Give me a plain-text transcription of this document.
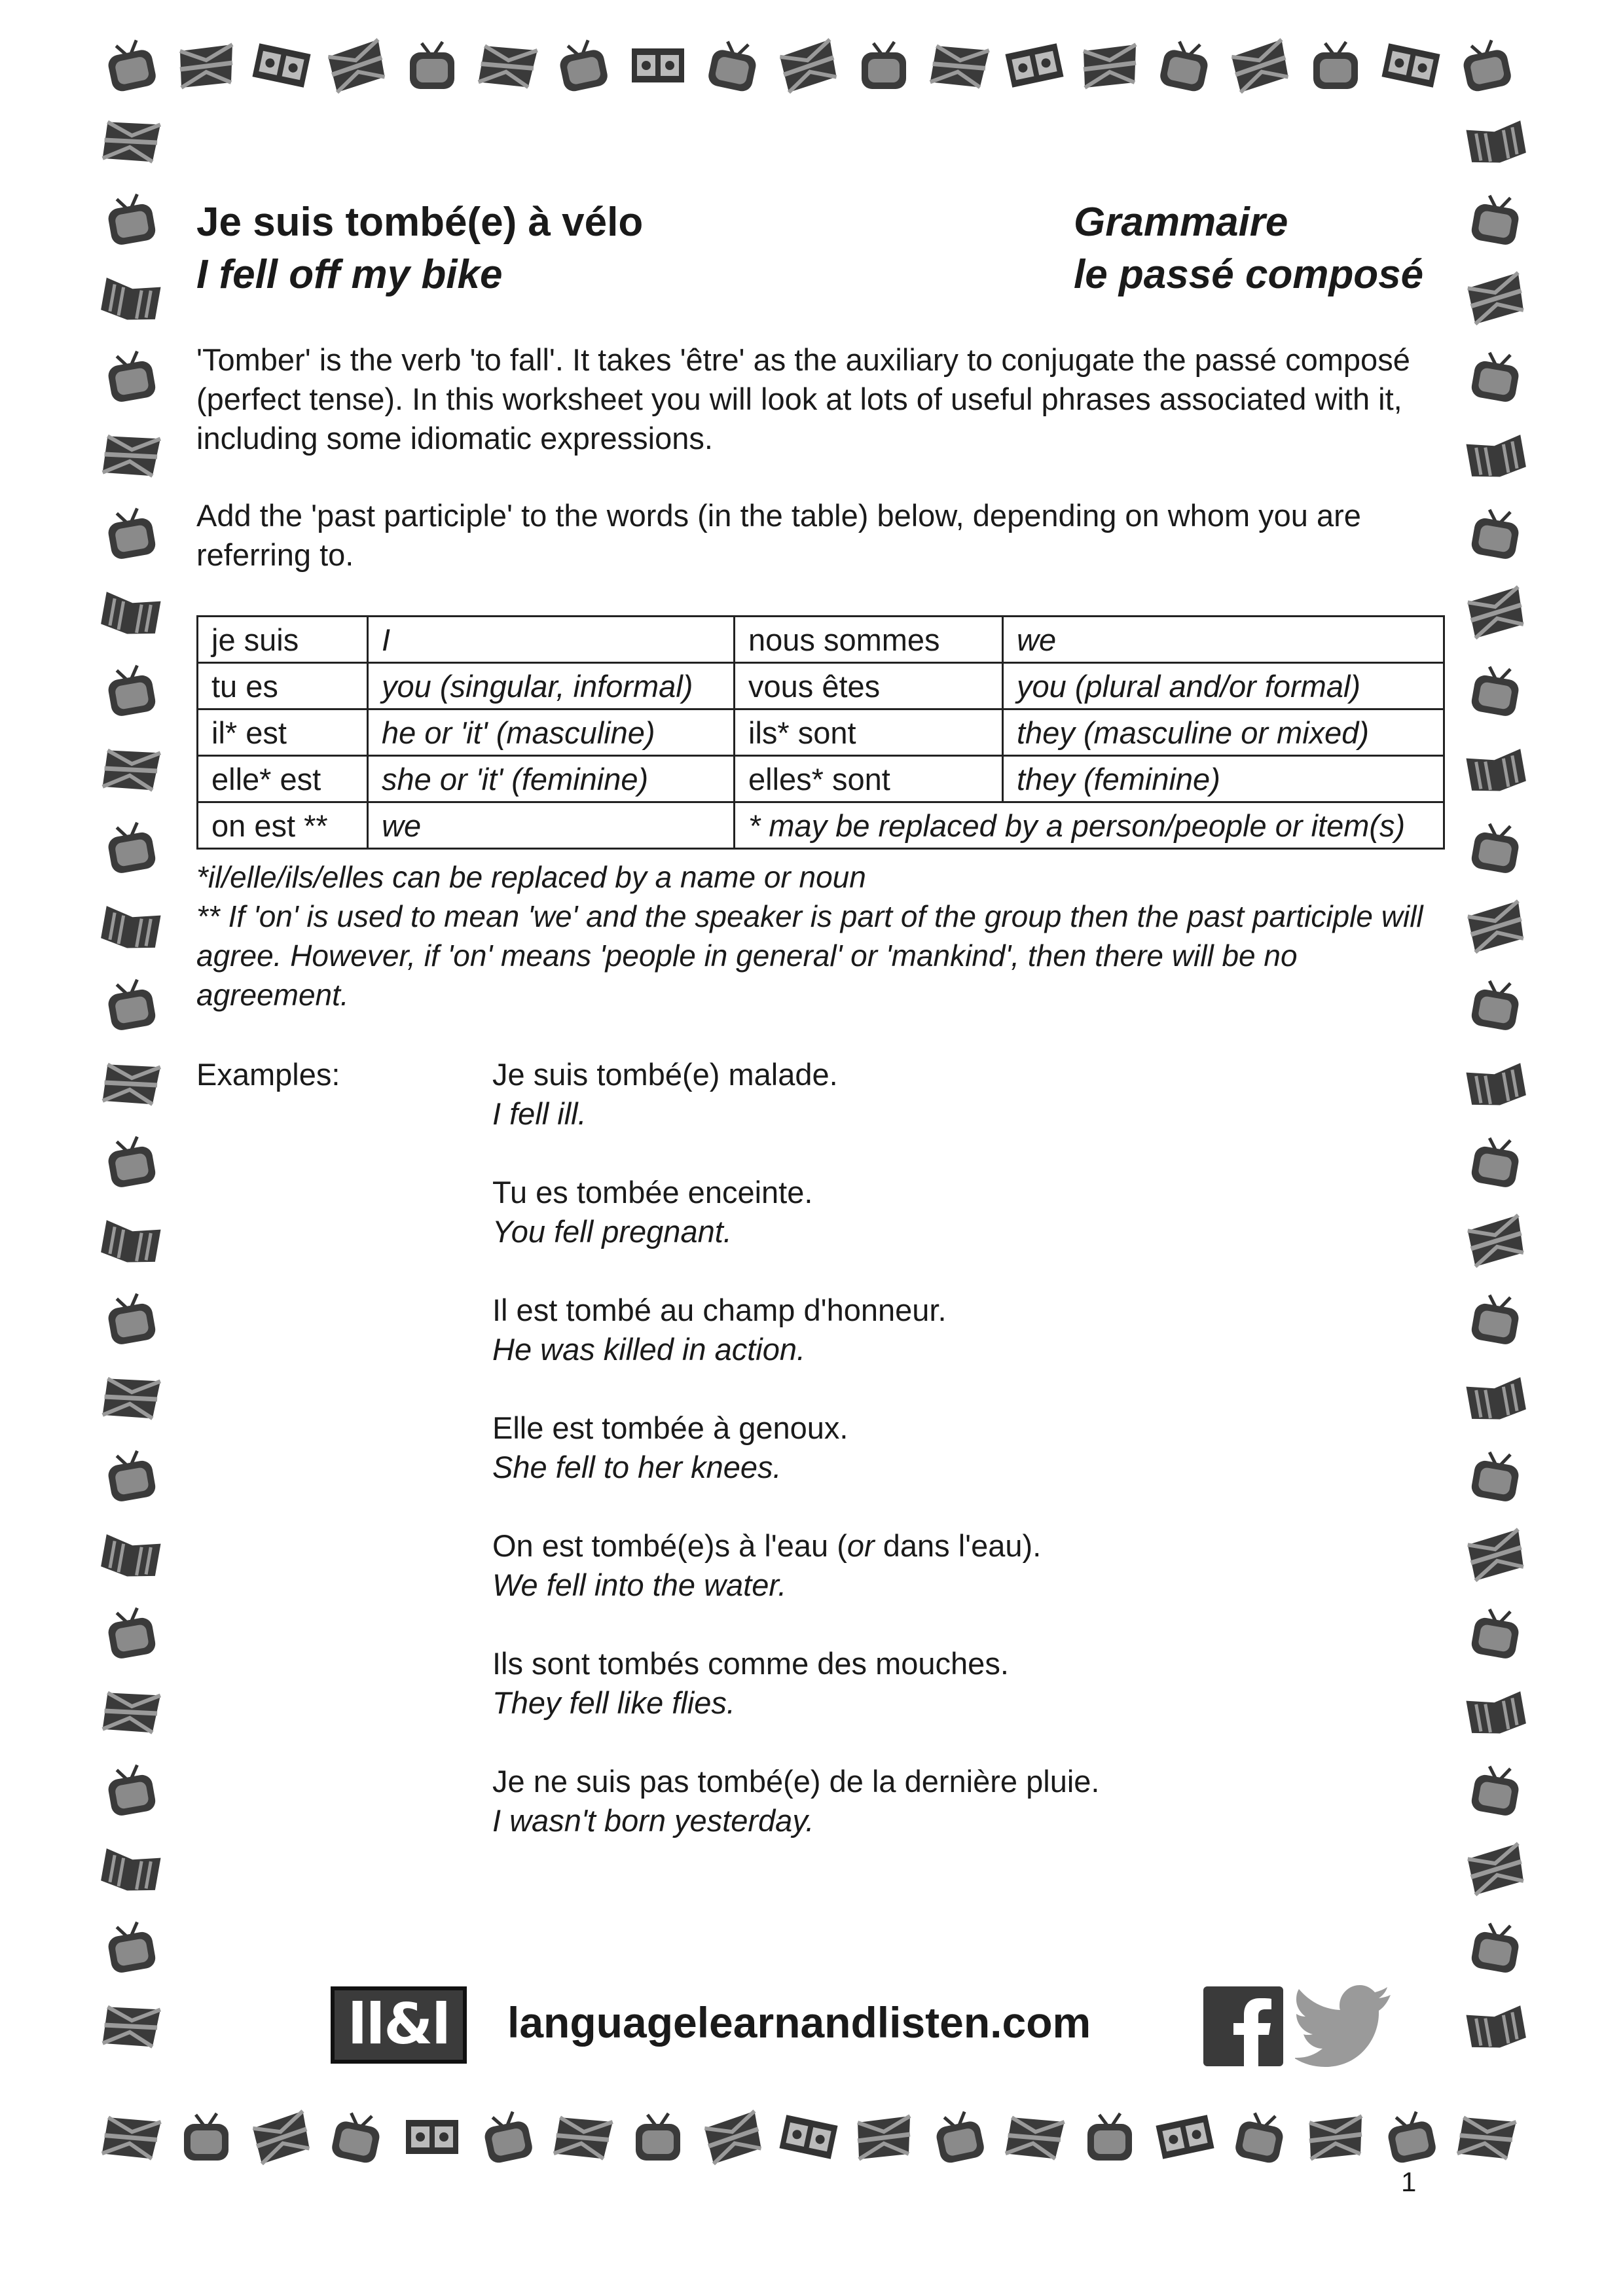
Je suis tombé(e) à vélo
I fell off my bike
Grammaire
le passé composé
'Tomber' is the verb 'to fall'. It takes 'être' as the auxiliary to conjugate the passé composé (perfect tense). In this worksheet you will look at lots of useful phrases associated with it, including some idiomatic expressions.
Add the 'past participle' to the words (in the table) below, depending on whom you are referring to.
je suis	I	nous sommes	we
tu es	you (singular, informal)	vous êtes	you (plural and/or formal)
il* est	he or 'it' (masculine)	ils* sont	they (masculine or mixed)
elle* est	she or 'it' (feminine)	elles* sont	they (feminine)
on est **	we	* may be replaced by a person/people or item(s)	
*il/elle/ils/elles can be replaced by a name or noun
** If 'on' is used to mean 'we' and the speaker is part of the group then the past participle will agree. However, if 'on' means 'people in general' or 'mankind', then there will be no agreement.
Examples:	Je suis tombé(e) malade.
I fell ill.
Tu es tombée enceinte.
You fell pregnant.
Il est tombé au champ d'honneur.
He was killed in action.
Elle est tombée à genoux.
She fell to her knees.
On est tombé(e)s à l'eau (or dans l'eau).
We fell into the water.
Ils sont tombés comme des mouches.
They fell like flies.
Je ne suis pas tombé(e) de la dernière pluie.
I wasn't born yesterday.
ll&l	languagelearnandlisten.com
1
